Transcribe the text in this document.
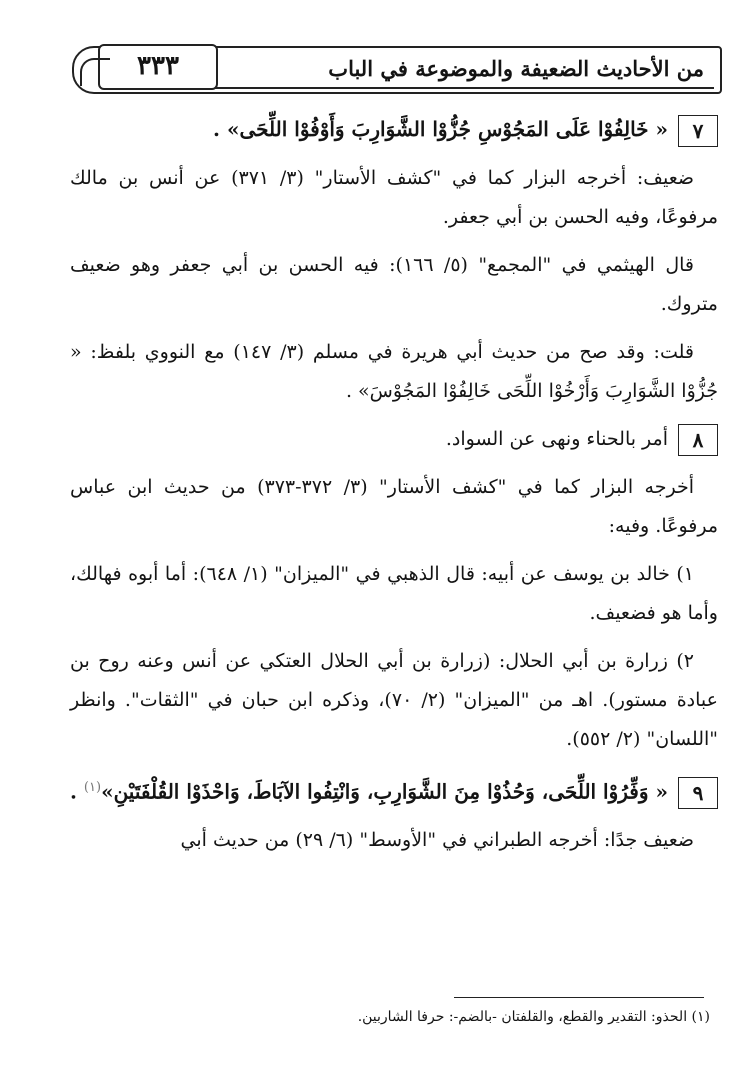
من الأحاديث الضعيفة والموضوعة في الباب
٣٣٣

٧« خَالِفُوْا عَلَى المَجُوْسِ جُزُّوْا الشَّوَارِبَ وَأَوْفُوْا اللِّحَى» .

ضعيف: أخرجه البزار كما في "كشف الأستار" (٣/ ٣٧١) عن أنس بن مالك مرفوعًا، وفيه الحسن بن أبي جعفر.

قال الهيثمي في "المجمع" (٥/ ١٦٦): فيه الحسن بن أبي جعفر وهو ضعيف متروك.

قلت: وقد صح من حديث أبي هريرة في مسلم (٣/ ١٤٧) مع النووي بلفظ: « جُزُّوْا الشَّوَارِبَ وَأَرْخُوْا اللِّحَى خَالِفُوْا المَجُوْسَ» .

٨أمر بالحناء ونهى عن السواد.

أخرجه البزار كما في "كشف الأستار" (٣/ ٣٧٢-٣٧٣) من حديث ابن عباس مرفوعًا. وفيه:

١) خالد بن يوسف عن أبيه: قال الذهبي في "الميزان" (١/ ٦٤٨): أما أبوه فهالك، وأما هو فضعيف.

٢) زرارة بن أبي الحلال: (زرارة بن أبي الحلال العتكي عن أنس وعنه روح بن عبادة مستور). اهـ من "الميزان" (٢/ ٧٠)، وذكره ابن حبان في "الثقات". وانظر "اللسان" (٢/ ٥٥٢).

٩« وَفِّرُوْا اللِّحَى، وَحُذُوْا مِنَ الشَّوَارِبِ، وَانْتِفُوا الآبَاطَ، وَاحْذَوْا القُلْفَتَيْنِ»$^{(١)}$ .

ضعيف جدًا: أخرجه الطبراني في "الأوسط" (٦/ ٢٩) من حديث أبي

(١) الحذو: التقدير والقطع، والقلفتان -بالضم-: حرفا الشاربين.
